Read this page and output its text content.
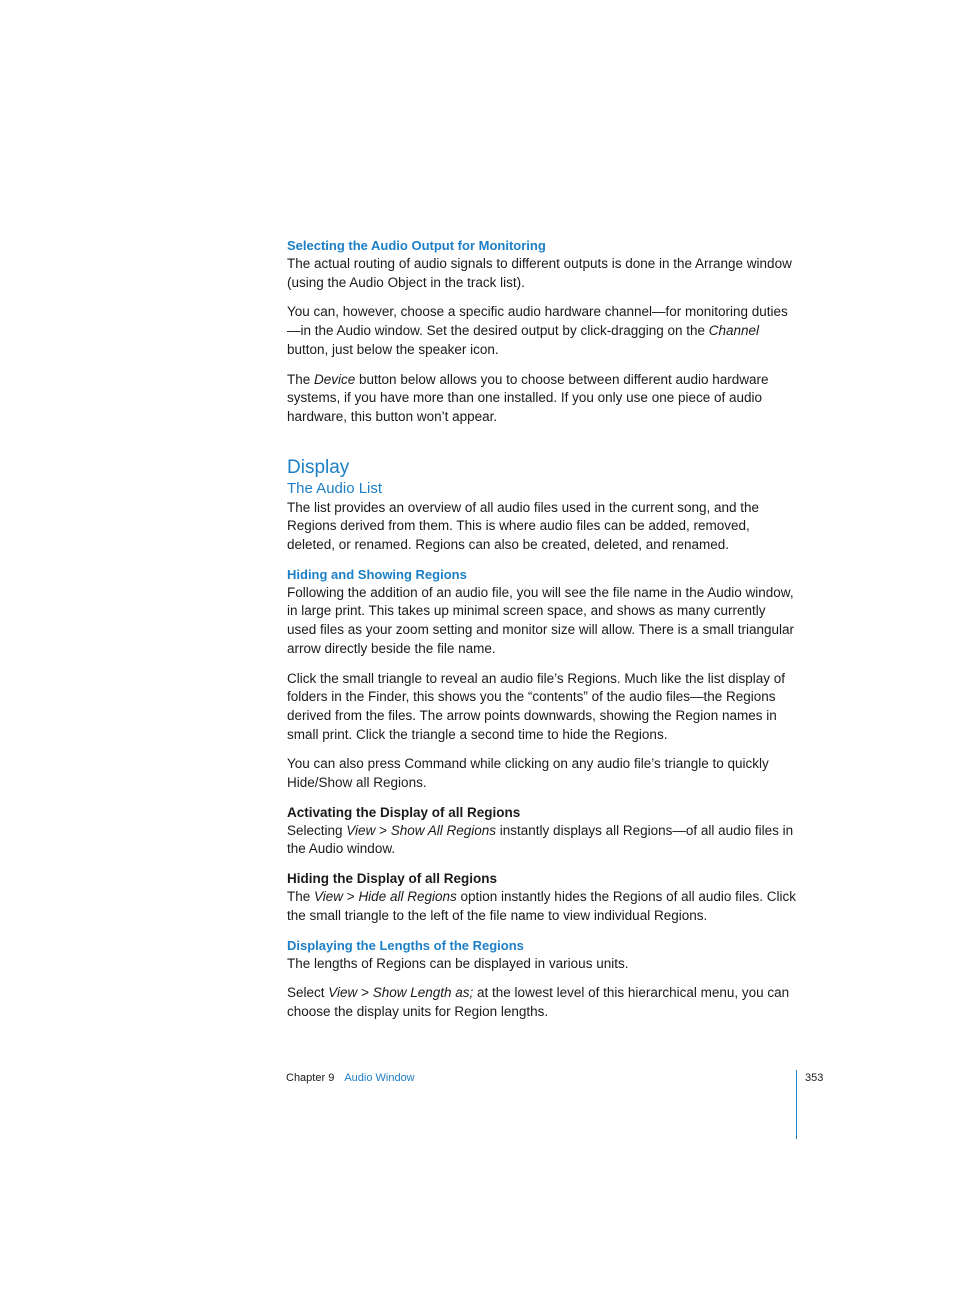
Selecting the Audio Output for Monitoring

The actual routing of audio signals to different outputs is done in the Arrange window (using the Audio Object in the track list).

You can, however, choose a specific audio hardware channel—for monitoring duties—in the Audio window. Set the desired output by click-dragging on the Channel button, just below the speaker icon.

The Device button below allows you to choose between different audio hardware systems, if you have more than one installed. If you only use one piece of audio hardware, this button won’t appear.

Display
The Audio List

The list provides an overview of all audio files used in the current song, and the Regions derived from them. This is where audio files can be added, removed, deleted, or renamed. Regions can also be created, deleted, and renamed.

Hiding and Showing Regions

Following the addition of an audio file, you will see the file name in the Audio window, in large print. This takes up minimal screen space, and shows as many currently used files as your zoom setting and monitor size will allow. There is a small triangular arrow directly beside the file name.

Click the small triangle to reveal an audio file’s Regions. Much like the list display of folders in the Finder, this shows you the “contents” of the audio files—the Regions derived from the files. The arrow points downwards, showing the Region names in small print. Click the triangle a second time to hide the Regions.

You can also press Command while clicking on any audio file’s triangle to quickly Hide/Show all Regions.

Activating the Display of all Regions

Selecting View > Show All Regions instantly displays all Regions—of all audio files in the Audio window.

Hiding the Display of all Regions

The View > Hide all Regions option instantly hides the Regions of all audio files. Click the small triangle to the left of the file name to view individual Regions.

Displaying the Lengths of the Regions

The lengths of Regions can be displayed in various units.

Select View > Show Length as; at the lowest level of this hierarchical menu, you can choose the display units for Region lengths.

Chapter 9 Audio Window	353
